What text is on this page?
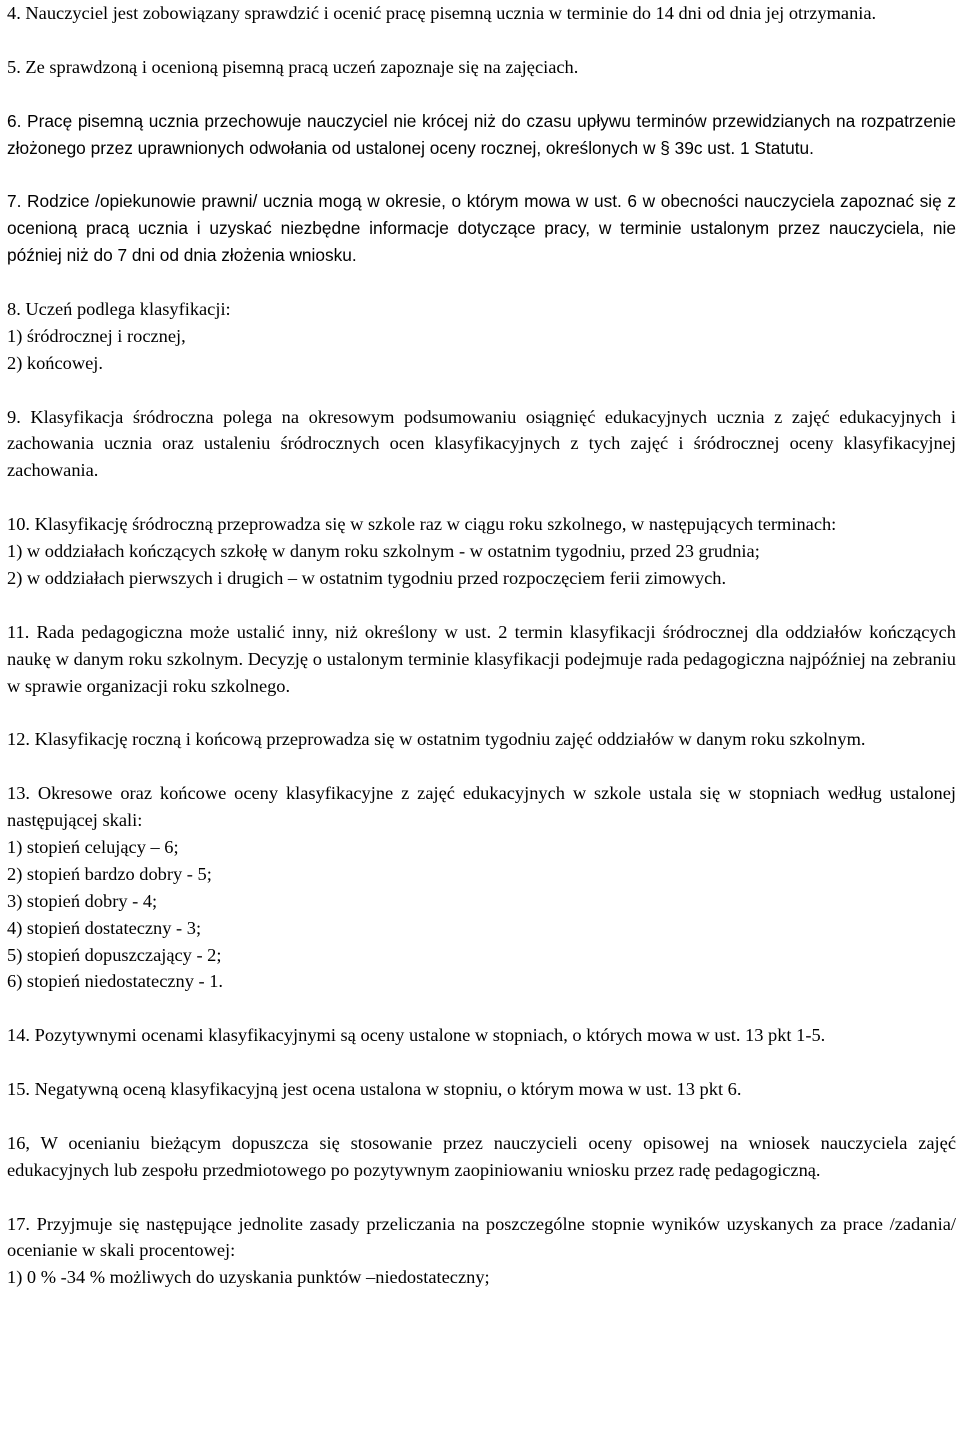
4. Nauczyciel jest zobowiązany sprawdzić i ocenić pracę pisemną ucznia w terminie do 14 dni od dnia jej otrzymania.

5. Ze sprawdzoną i ocenioną pisemną pracą uczeń zapoznaje się na zajęciach.

6. Pracę pisemną ucznia przechowuje nauczyciel nie krócej niż do czasu upływu terminów przewidzianych na rozpatrzenie złożonego przez uprawnionych odwołania od ustalonej oceny rocznej, określonych w § 39c ust. 1 Statutu.

7. Rodzice /opiekunowie prawni/ ucznia mogą w okresie, o którym mowa w ust. 6 w obecności nauczyciela zapoznać się z ocenioną pracą ucznia i uzyskać niezbędne informacje dotyczące pracy, w terminie ustalonym przez nauczyciela, nie później niż do 7 dni od dnia złożenia wniosku.

8. Uczeń podlega klasyfikacji:
1) śródrocznej i rocznej,
2) końcowej.

9. Klasyfikacja śródroczna polega na okresowym podsumowaniu osiągnięć edukacyjnych ucznia z zajęć edukacyjnych i zachowania ucznia oraz ustaleniu śródrocznych ocen klasyfikacyjnych z tych zajęć i śródrocznej oceny klasyfikacyjnej zachowania.

10. Klasyfikację śródroczną przeprowadza się w szkole raz w ciągu roku szkolnego, w następujących terminach:

1) w oddziałach kończących szkołę w danym roku szkolnym - w ostatnim tygodniu, przed 23 grudnia;
2) w oddziałach pierwszych i drugich – w ostatnim tygodniu przed rozpoczęciem ferii zimowych.

11. Rada pedagogiczna może ustalić inny, niż określony w ust. 2 termin klasyfikacji śródrocznej dla oddziałów kończących naukę w danym roku szkolnym. Decyzję o ustalonym terminie klasyfikacji podejmuje rada pedagogiczna najpóźniej na zebraniu w sprawie organizacji roku szkolnego.

12. Klasyfikację roczną i końcową przeprowadza się w ostatnim tygodniu zajęć oddziałów w danym roku szkolnym.

13. Okresowe oraz końcowe oceny klasyfikacyjne z zajęć edukacyjnych w szkole ustala się w stopniach według ustalonej następującej skali:

1) stopień celujący – 6;
2) stopień bardzo dobry - 5;
3) stopień dobry - 4;
4) stopień dostateczny - 3;
5) stopień dopuszczający - 2;
6) stopień niedostateczny - 1.

14. Pozytywnymi ocenami klasyfikacyjnymi są oceny ustalone w stopniach, o których mowa w ust. 13 pkt 1-5.

15. Negatywną oceną klasyfikacyjną jest ocena ustalona w stopniu, o którym mowa w ust. 13 pkt 6.

16, W ocenianiu bieżącym dopuszcza się stosowanie przez nauczycieli oceny opisowej na wniosek nauczyciela zajęć edukacyjnych lub zespołu przedmiotowego po pozytywnym zaopiniowaniu wniosku przez radę pedagogiczną.

17. Przyjmuje się następujące jednolite zasady przeliczania na poszczególne stopnie wyników uzyskanych za prace /zadania/ ocenianie w skali procentowej:

1) 0 % -34 % możliwych do uzyskania punktów –niedostateczny;
